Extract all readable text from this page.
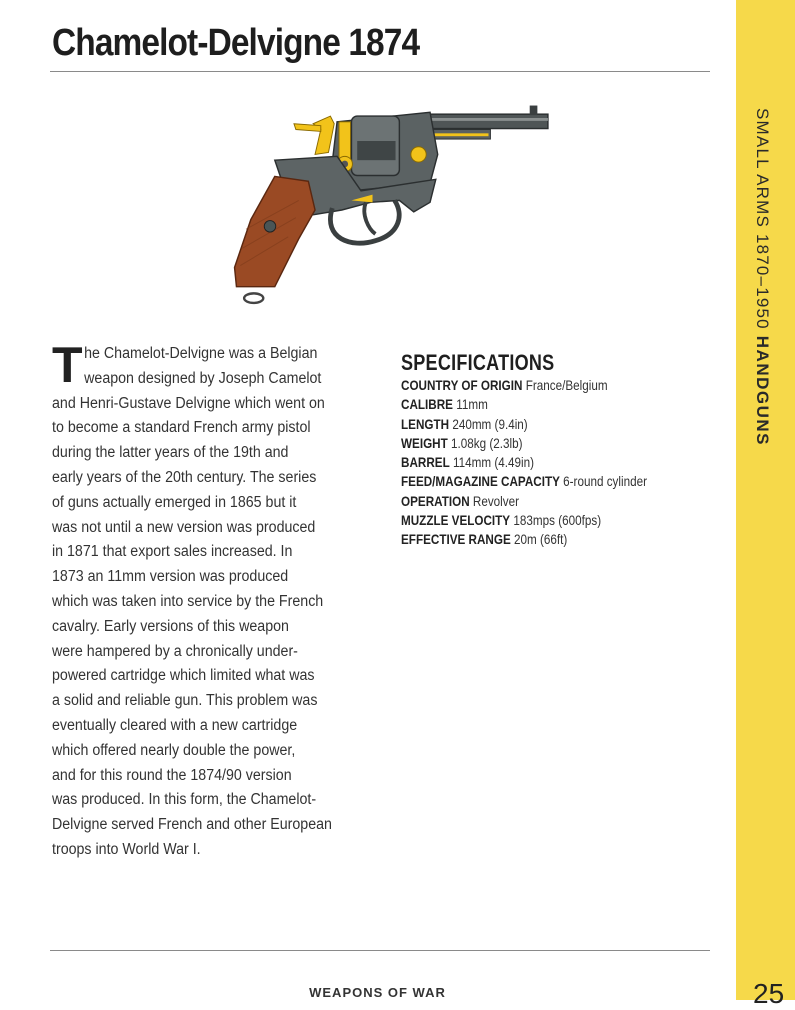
Chamelot-Delvigne 1874
SMALL ARMS 1870–1950 HANDGUNS
T he Chamelot-Delvigne was a Belgian
weapon designed by Joseph Camelot
and Henri-Gustave Delvigne which went on
to become a standard French army pistol
during the latter years of the 19th and
early years of the 20th century. The series
of guns actually emerged in 1865 but it
was not until a new version was produced
in 1871 that export sales increased. In
1873 an 11mm version was produced
which was taken into service by the French
cavalry. Early versions of this weapon
were hampered by a chronically under-
powered cartridge which limited what was
a solid and reliable gun. This problem was
eventually cleared with a new cartridge
which offered nearly double the power,
and for this round the 1874/90 version
was produced. In this form, the Chamelot-
Delvigne served French and other European
troops into World War I.
SPECIFICATIONS
COUNTRY OF ORIGIN France/Belgium
CALIBRE 11mm
LENGTH 240mm (9.4in)
WEIGHT 1.08kg (2.3lb)
BARREL 114mm (4.49in)
FEED/MAGAZINE CAPACITY 6-round cylinder
OPERATION Revolver
MUZZLE VELOCITY 183mps (600fps)
EFFECTIVE RANGE 20m (66ft)
WEAPONS OF WAR	25
